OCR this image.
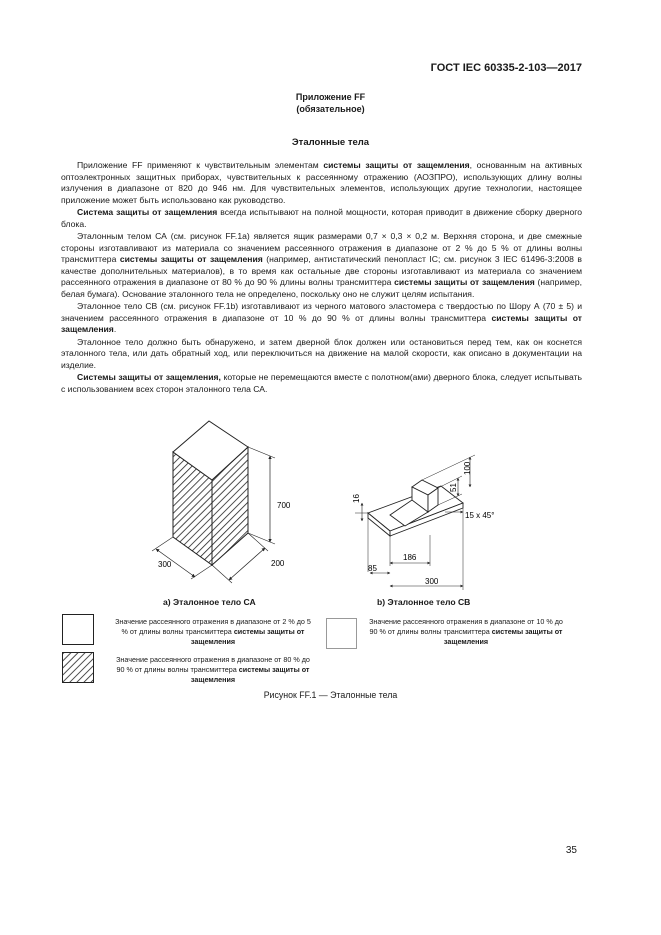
ГОСТ IEC 60335-2-103—2017
Приложение FF
(обязательное)
Эталонные тела

Приложение FF применяют к чувствительным элементам системы защиты от защемления, основанным на активных оптоэлектронных защитных приборах, чувствительных к рассеянному отражению (АОЗПРО), использующих длину волны излучения в диапазоне от 820 до 946 нм. Для чувствительных элементов, использующих другие технологии, настоящее приложение может быть использовано как руководство.

Система защиты от защемления всегда испытывают на полной мощности, которая приводит в движение сборку дверного блока.

Эталонным телом СА (см. рисунок FF.1a) является ящик размерами 0,7 × 0,3 × 0,2 м. Верхняя сторона, и две смежные стороны изготавливают из материала со значением рассеянного отражения в диапазоне от 2 % до 5 % от длины волны трансмиттера системы защиты от защемления (например, антистатический пенопласт IC; см. рисунок 3 IEC 61496-3:2008 в качестве дополнительных материалов), в то время как остальные две стороны изготавливают из материала со значением рассеянного отражения в диапазоне от 80 % до 90 % длины волны трансмиттера системы защиты от защемления (например, белая бумага). Основание эталонного тела не определено, поскольку оно не служит целям испытания.

Эталонное тело СВ (см. рисунок FF.1b) изготавливают из черного матового эластомера с твердостью по Шору А (70 ± 5) и значением рассеянного отражения в диапазоне от 10 % до 90 % от длины волны трансмиттера системы защиты от защемления.

Эталонное тело должно быть обнаружено, и затем дверной блок должен или остановиться перед тем, как он коснется эталонного тела, или дать обратный ход, или переключиться на движение на малой скорости, как описано в документации на изделие.

Системы защиты от защемления, которые не перемещаются вместе с полотном(ами) дверного блока, следует испытывать с использованием всех сторон эталонного тела СА.

700
300	200
100
51
16
15 x 45°
186
85
300
a) Эталонное тело СА	b) Эталонное тело СВ
Значение рассеянного отражения в диапазоне от 2 % до 5 % от длины волны трансмиттера системы защиты от защемления
Значение рассеянного отражения в диапазоне от 80 % до 90 % от длины волны трансмиттера системы защиты от защемления
Значение рассеянного отражения в диапазоне от 10 % до 90 % от длины волны трансмиттера системы защиты от защемления
Рисунок FF.1 — Эталонные тела
35
